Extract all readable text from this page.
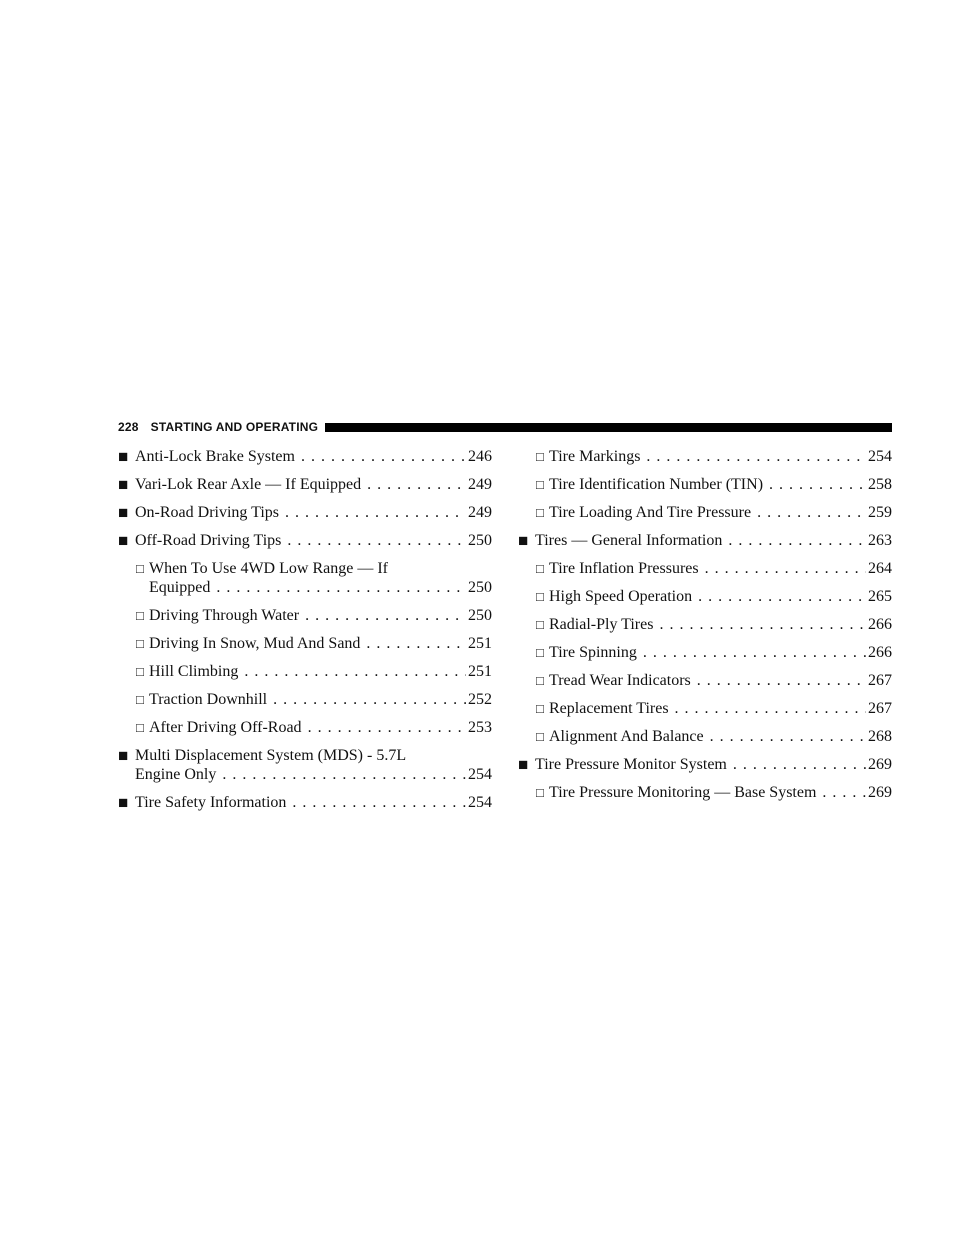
228 STARTING AND OPERATING
■ Anti-Lock Brake System . . .	246
■ Vari-Lok Rear Axle — If Equipped . . .	249
■ On-Road Driving Tips . . .	249
■ Off-Road Driving Tips . . .	250
□ When To Use 4WD Low Range — If
Equipped . . .	250
□ Driving Through Water . . .	250
□ Driving In Snow, Mud And Sand . . .	251
□ Hill Climbing . . .	251
□ Traction Downhill . . .	252
□ After Driving Off-Road . . .	253
■ Multi Displacement System (MDS) - 5.7L
Engine Only . . .	254
■ Tire Safety Information . . .	254
□ Tire Markings . . .	254
□ Tire Identification Number (TIN) . . .	258
□ Tire Loading And Tire Pressure . . .	259
■ Tires — General Information . . .	263
□ Tire Inflation Pressures . . .	264
□ High Speed Operation . . .	265
□ Radial-Ply Tires . . .	266
□ Tire Spinning . . .	266
□ Tread Wear Indicators . . .	267
□ Replacement Tires . . .	267
□ Alignment And Balance . . .	268
■ Tire Pressure Monitor System . . .	269
□ Tire Pressure Monitoring — Base System . . .	269
